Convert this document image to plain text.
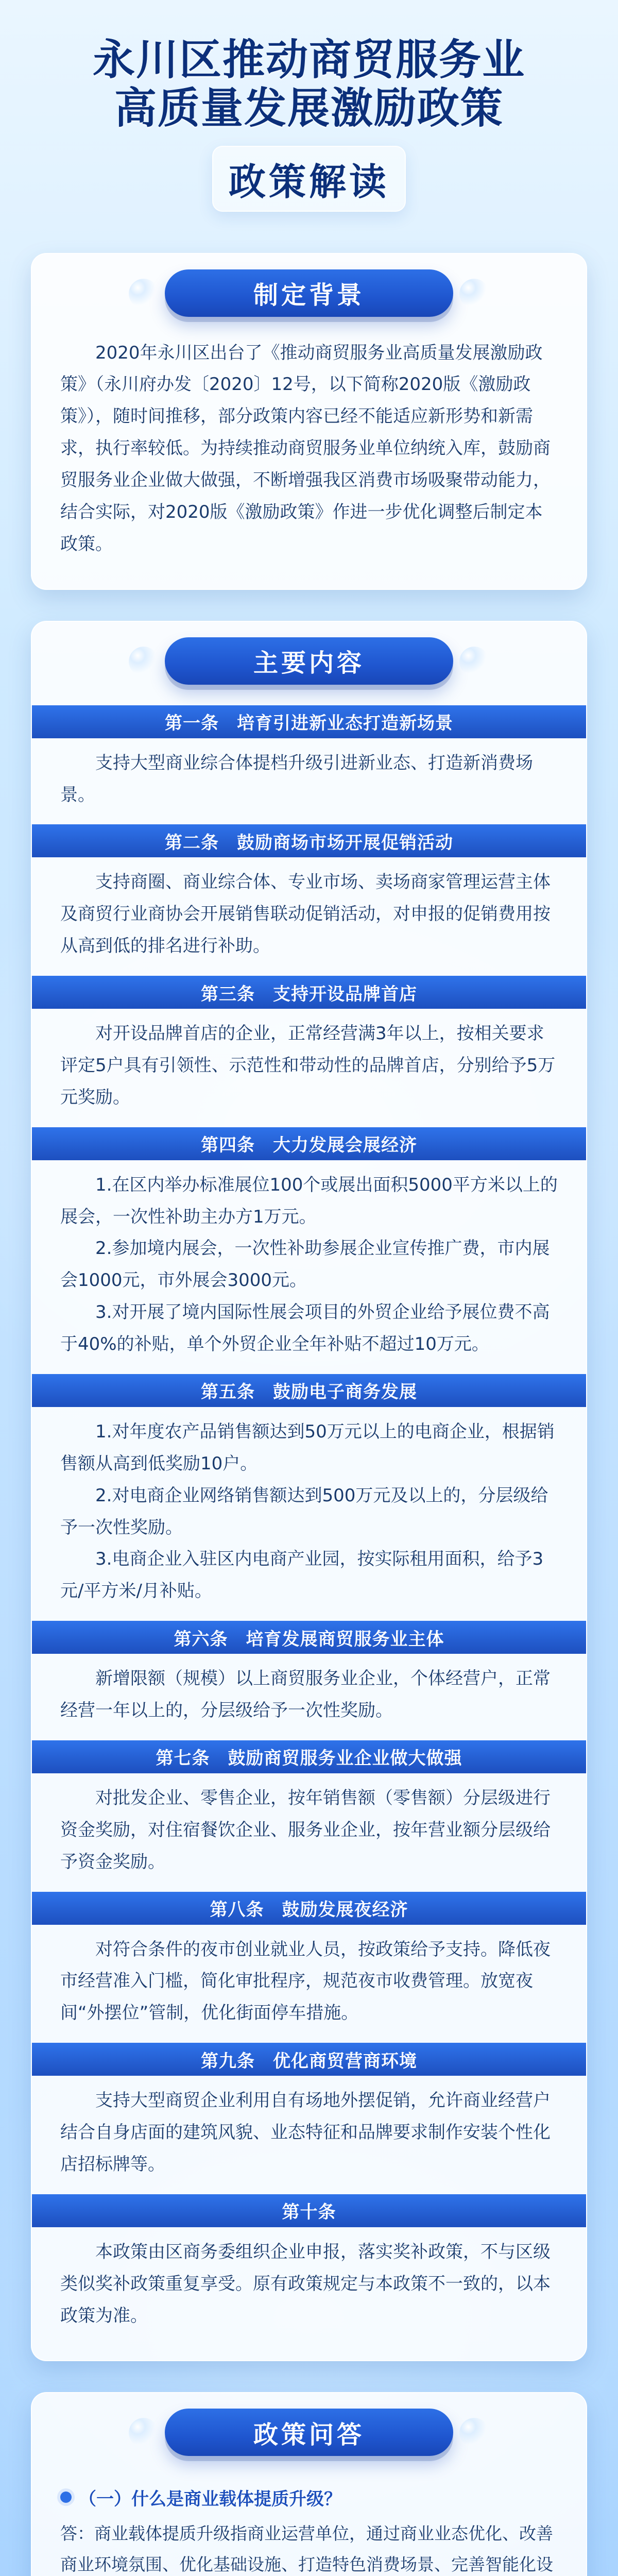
永川区推动商贸服务业
高质量发展激励政策
政策解读
制定背景

2020年永川区出台了《推动商贸服务业高质量发展激励政策》（永川府办发〔2020〕12号，以下简称2020版《激励政策》），随时间推移，部分政策内容已经不能适应新形势和新需求，执行率较低。为持续推动商贸服务业单位纳统入库，鼓励商贸服务业企业做大做强，不断增强我区消费市场吸聚带动能力，结合实际，对2020版《激励政策》作进一步优化调整后制定本政策。

主要内容
第一条　培育引进新业态打造新场景

支持大型商业综合体提档升级引进新业态、打造新消费场景。

第二条　鼓励商场市场开展促销活动

支持商圈、商业综合体、专业市场、卖场商家管理运营主体及商贸行业商协会开展销售联动促销活动，对申报的促销费用按从高到低的排名进行补助。

第三条　支持开设品牌首店

对开设品牌首店的企业，正常经营满3年以上，按相关要求评定5户具有引领性、示范性和带动性的品牌首店，分别给予5万元奖励。

第四条　大力发展会展经济

1.在区内举办标准展位100个或展出面积5000平方米以上的展会，一次性补助主办方1万元。

2.参加境内展会，一次性补助参展企业宣传推广费，市内展会1000元，市外展会3000元。

3.对开展了境内国际性展会项目的外贸企业给予展位费不高于40%的补贴，单个外贸企业全年补贴不超过10万元。

第五条　鼓励电子商务发展

1.对年度农产品销售额达到50万元以上的电商企业，根据销售额从高到低奖励10户。

2.对电商企业网络销售额达到500万元及以上的，分层级给予一次性奖励。

3.电商企业入驻区内电商产业园，按实际租用面积，给予3元/平方米/月补贴。

第六条　培育发展商贸服务业主体

新增限额（规模）以上商贸服务业企业，个体经营户，正常经营一年以上的，分层级给予一次性奖励。

第七条　鼓励商贸服务业企业做大做强

对批发企业、零售企业，按年销售额（零售额）分层级进行资金奖励，对住宿餐饮企业、服务业企业，按年营业额分层级给予资金奖励。

第八条　鼓励发展夜经济

对符合条件的夜市创业就业人员，按政策给予支持。降低夜市经营准入门槛，简化审批程序，规范夜市收费管理。放宽夜间“外摆位”管制，优化街面停车措施。

第九条　优化商贸营商环境

支持大型商贸企业利用自有场地外摆促销，允许商业经营户结合自身店面的建筑风貌、业态特征和品牌要求制作安装个性化店招标牌等。

第十条

本政策由区商务委组织企业申报，落实奖补政策，不与区级类似奖补政策重复享受。原有政策规定与本政策不一致的，以本政策为准。

政策问答
（一）什么是商业载体提质升级？

答：商业载体提质升级指商业运营单位，通过商业业态优化、改善商业环境氛围、优化基础设施、打造特色消费场景、完善智能化设
